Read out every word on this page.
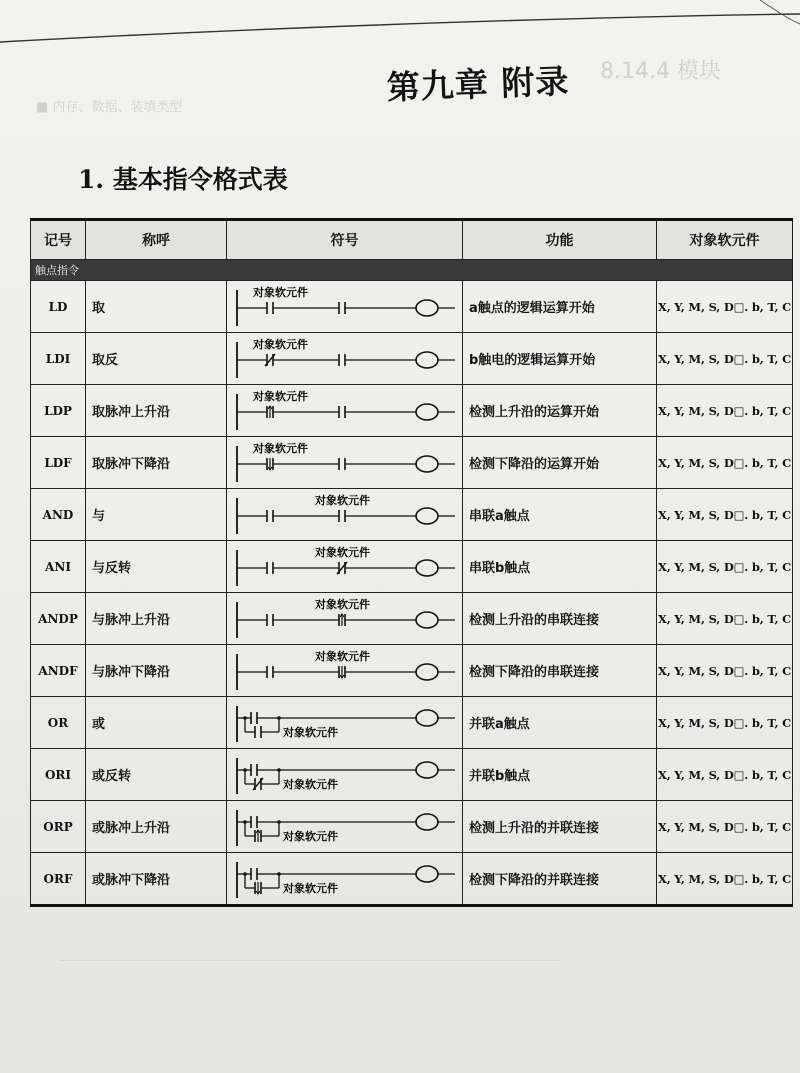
8.14.4 模块
■ 内存、数据、装填类型
第九章 附录
1. 基本指令格式表
记号	称呼	符号	功能	对象软元件
触点指令				
LD	取	对象软元件	a触点的逻辑运算开始	X, Y, M, S, D□. b, T, C
LDI	取反	对象软元件	b触电的逻辑运算开始	X, Y, M, S, D□. b, T, C
LDP	取脉冲上升沿	对象软元件	检测上升沿的运算开始	X, Y, M, S, D□. b, T, C
LDF	取脉冲下降沿	对象软元件	检测下降沿的运算开始	X, Y, M, S, D□. b, T, C
AND	与	对象软元件	串联a触点	X, Y, M, S, D□. b, T, C
ANI	与反转	对象软元件	串联b触点	X, Y, M, S, D□. b, T, C
ANDP	与脉冲上升沿	对象软元件	检测上升沿的串联连接	X, Y, M, S, D□. b, T, C
ANDF	与脉冲下降沿	对象软元件	检测下降沿的串联连接	X, Y, M, S, D□. b, T, C
OR	或	对象软元件	并联a触点	X, Y, M, S, D□. b, T, C
ORI	或反转	对象软元件	并联b触点	X, Y, M, S, D□. b, T, C
ORP	或脉冲上升沿	对象软元件	检测上升沿的并联连接	X, Y, M, S, D□. b, T, C
ORF	或脉冲下降沿	对象软元件	检测下降沿的并联连接	X, Y, M, S, D□. b, T, C
